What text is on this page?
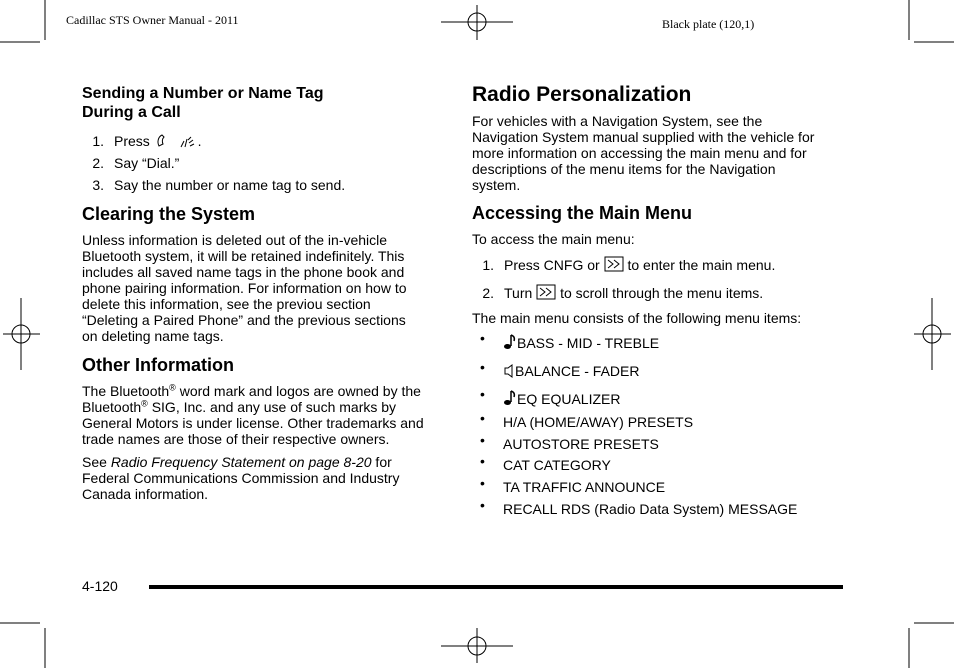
Cadillac STS Owner Manual - 2011	Black plate (120,1)
Sending a Number or Name Tag
During a Call
1. Press	.
2. Say “Dial.”
3. Say the number or name tag to send.
Clearing the System
Unless information is deleted out of the in-vehicle
Bluetooth system, it will be retained indefinitely. This
includes all saved name tags in the phone book and
phone pairing information. For information on how to
delete this information, see the previou section
“Deleting a Paired Phone” and the previous sections
on deleting name tags.
Other Information
The Bluetooth® word mark and logos are owned by the
Bluetooth® SIG, Inc. and any use of such marks by
General Motors is under license. Other trademarks and
trade names are those of their respective owners.
See Radio Frequency Statement on page 8-20 for
Federal Communications Commission and Industry
Canada information.
Radio Personalization
For vehicles with a Navigation System, see the
Navigation System manual supplied with the vehicle for
more information on accessing the main menu and for
descriptions of the menu items for the Navigation
system.
Accessing the Main Menu
To access the main menu:
1. Press CNFG or to enter the main menu.
2. Turn to scroll through the menu items.
The main menu consists of the following menu items:
• BASS - MID - TREBLE
• BALANCE - FADER
• EQ EQUALIZER
• H/A (HOME/AWAY) PRESETS
• AUTOSTORE PRESETS
• CAT CATEGORY
• TA TRAFFIC ANNOUNCE
• RECALL RDS (Radio Data System) MESSAGE
4-120
